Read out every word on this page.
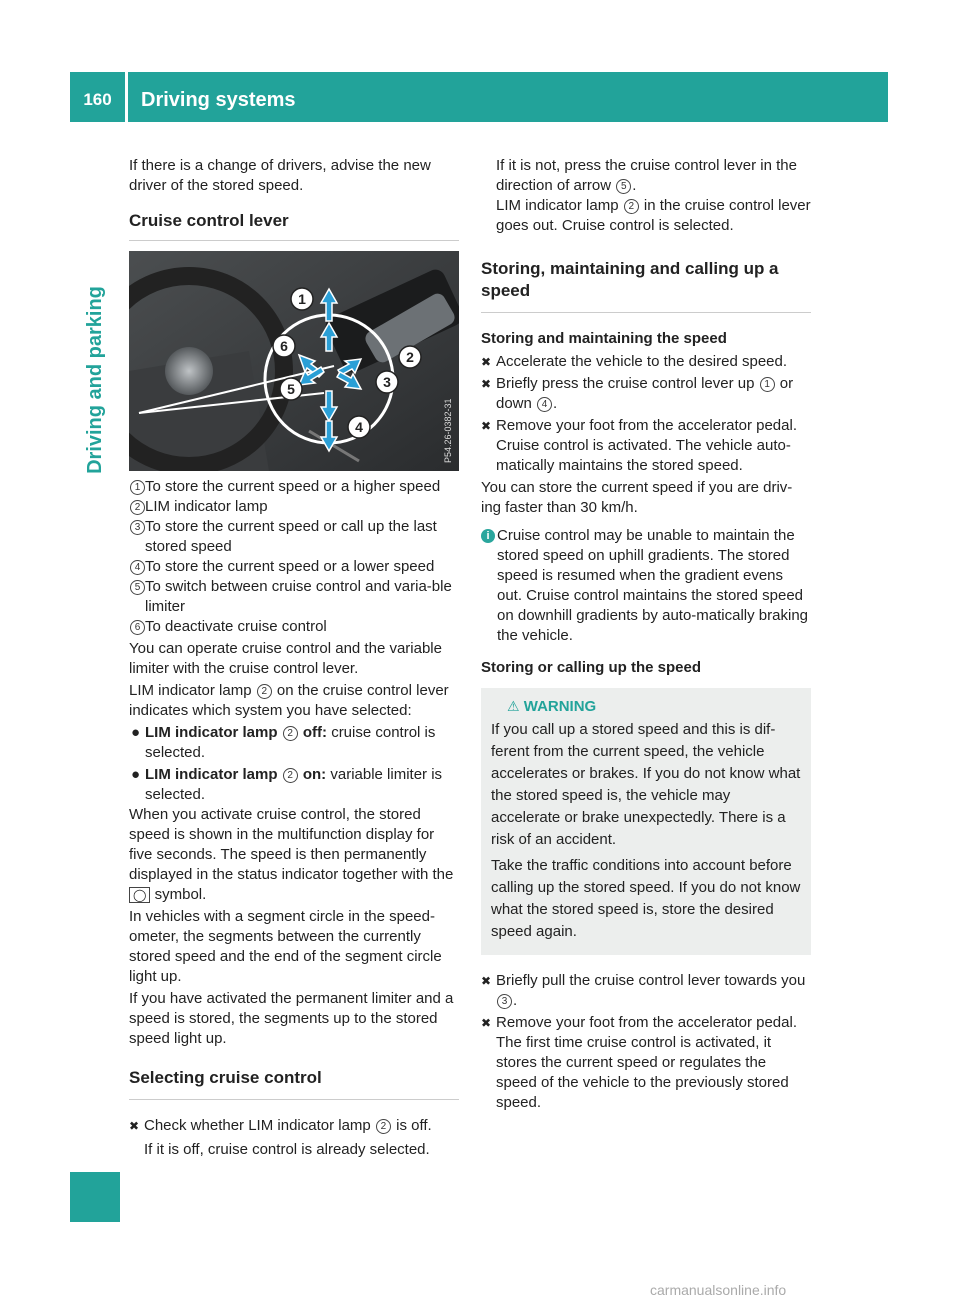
160	Driving systems
Driving and parking

If there is a change of drivers, advise the new driver of the stored speed.

Cruise control lever

1
2
3
4
5
6
P54.26-0382-31
1 To store the current speed or a higher speed
2 LIM indicator lamp
3 To store the current speed or call up the last stored speed
4 To store the current speed or a lower speed
5 To switch between cruise control and varia-ble limiter
6 To deactivate cruise control

You can operate cruise control and the variable limiter with the cruise control lever.

LIM indicator lamp 2 on the cruise control lever indicates which system you have selected:

● LIM indicator lamp 2 off: cruise control is selected.
● LIM indicator lamp 2 on: variable limiter is selected.

When you activate cruise control, the stored speed is shown in the multifunction display for five seconds. The speed is then permanently displayed in the status indicator together with the ◯ symbol.

In vehicles with a segment circle in the speed-ometer, the segments between the currently stored speed and the end of the segment circle light up.

If you have activated the permanent limiter and a speed is stored, the segments up to the stored speed light up.

Selecting cruise control

✖ Check whether LIM indicator lamp 2 is off.

If it is off, cruise control is already selected.

If it is not, press the cruise control lever in the direction of arrow 5 .

LIM indicator lamp 2 in the cruise control lever goes out. Cruise control is selected.

Storing, maintaining and calling up a speed

Storing and maintaining the speed

✖ Accelerate the vehicle to the desired speed.
✖ Briefly press the cruise control lever up 1 or down 4 .
✖ Remove your foot from the accelerator pedal.
Cruise control is activated. The vehicle auto-matically maintains the stored speed.

You can store the current speed if you are driv-ing faster than 30 km/h.

i Cruise control may be unable to maintain the stored speed on uphill gradients. The stored speed is resumed when the gradient evens out. Cruise control maintains the stored speed on downhill gradients by auto-matically braking the vehicle.

Storing or calling up the speed

⚠ WARNING

If you call up a stored speed and this is dif-ferent from the current speed, the vehicle accelerates or brakes. If you do not know what the stored speed is, the vehicle may accelerate or brake unexpectedly. There is a risk of an accident.

Take the traffic conditions into account before calling up the stored speed. If you do not know what the stored speed is, store the desired speed again.

✖ Briefly pull the cruise control lever towards you 3 .
✖ Remove your foot from the accelerator pedal.
The first time cruise control is activated, it stores the current speed or regulates the speed of the vehicle to the previously stored speed.
carmanualsonline.info
